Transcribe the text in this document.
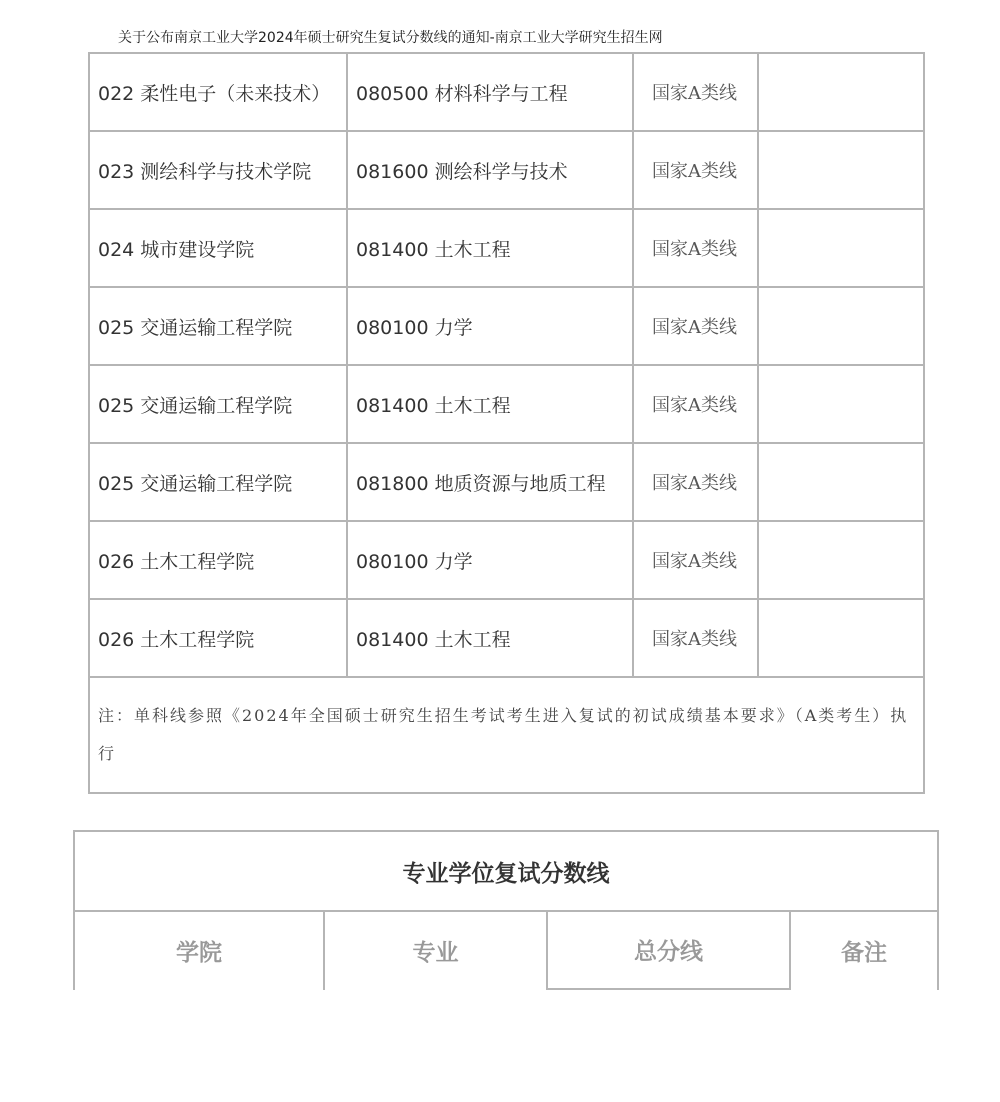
关于公布南京工业大学2024年硕士研究生复试分数线的通知-南京工业大学研究生招生网
022 柔性电子（未来技术）	080500 材料科学与工程	国家A类线	
023 测绘科学与技术学院	081600 测绘科学与技术	国家A类线	
024 城市建设学院	081400 土木工程	国家A类线	
025 交通运输工程学院	080100 力学	国家A类线	
025 交通运输工程学院	081400 土木工程	国家A类线	
025 交通运输工程学院	081800 地质资源与地质工程	国家A类线	
026 土木工程学院	080100 力学	国家A类线	
026 土木工程学院	081400 土木工程	国家A类线	
注：单科线参照《2024年全国硕士研究生招生考试考生进入复试的初试成绩基本要求》（A类考生）执行			
专业学位复试分数线
学院	专业	总分线	备注
